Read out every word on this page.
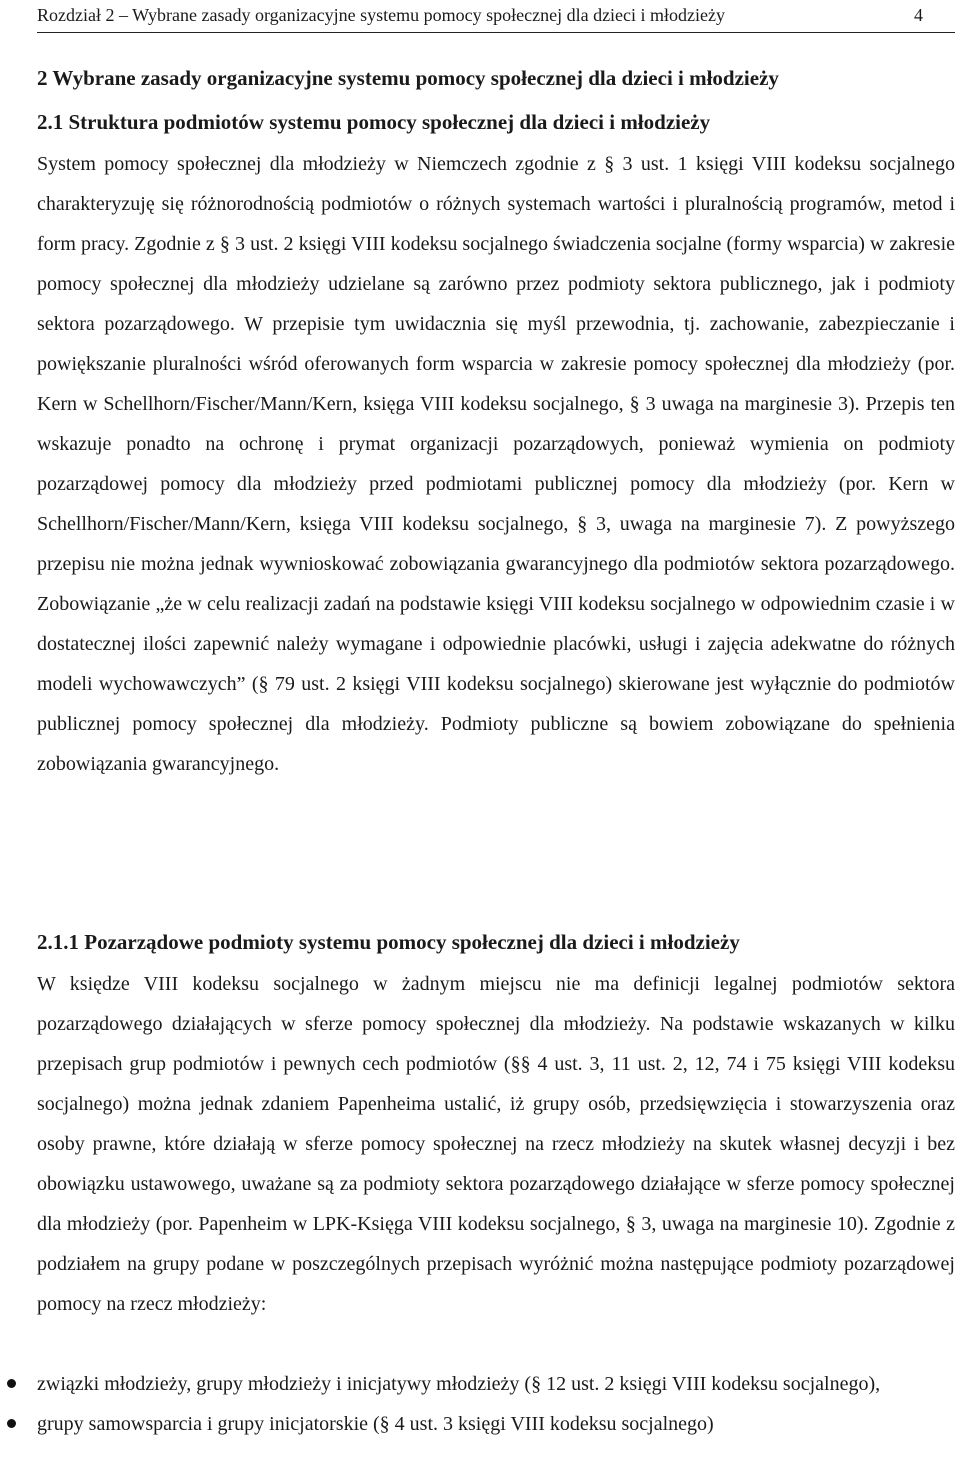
Rozdział 2 – Wybrane zasady organizacyjne systemu pomocy społecznej dla dzieci i młodzieży	4
2 Wybrane zasady organizacyjne systemu pomocy społecznej dla dzieci i młodzieży
2.1 Struktura podmiotów systemu pomocy społecznej dla dzieci i młodzieży

System pomocy społecznej dla młodzieży w Niemczech zgodnie z § 3 ust. 1 księgi VIII kodeksu socjalnego charakteryzuję się różnorodnością podmiotów o różnych systemach wartości i pluralnością programów, metod i form pracy. Zgodnie z § 3 ust. 2 księgi VIII kodeksu socjalnego świadczenia socjalne (formy wsparcia) w zakresie pomocy społecznej dla młodzieży udzielane są zarówno przez podmioty sektora publicznego, jak i podmioty sektora pozarządowego. W przepisie tym uwidacznia się myśl przewodnia, tj. zachowanie, zabezpieczanie i powiększanie pluralności wśród oferowanych form wsparcia w zakresie pomocy społecznej dla młodzieży (por. Kern w Schellhorn/Fischer/Mann/Kern, księga VIII kodeksu socjalnego, § 3 uwaga na marginesie 3). Przepis ten wskazuje ponadto na ochronę i prymat organizacji pozarządowych, ponieważ wymienia on podmioty pozarządowej pomocy dla młodzieży przed podmiotami publicznej pomocy dla młodzieży (por. Kern w Schellhorn/Fischer/Mann/Kern, księga VIII kodeksu socjalnego, § 3, uwaga na marginesie 7). Z powyższego przepisu nie można jednak wywnioskować zobowiązania gwarancyjnego dla podmiotów sektora pozarządowego. Zobowiązanie „że w celu realizacji zadań na podstawie księgi VIII kodeksu socjalnego w odpowiednim czasie i w dostatecznej ilości zapewnić należy wymagane i odpowiednie placówki, usługi i zajęcia adekwatne do różnych modeli wychowawczych” (§ 79 ust. 2 księgi VIII kodeksu socjalnego) skierowane jest wyłącznie do podmiotów publicznej pomocy społecznej dla młodzieży. Podmioty publiczne są bowiem zobowiązane do spełnienia zobowiązania gwarancyjnego.

2.1.1 Pozarządowe podmioty systemu pomocy społecznej dla dzieci i młodzieży

W księdze VIII kodeksu socjalnego w żadnym miejscu nie ma definicji legalnej podmiotów sektora pozarządowego działających w sferze pomocy społecznej dla młodzieży. Na podstawie wskazanych w kilku przepisach grup podmiotów i pewnych cech podmiotów (§§ 4 ust. 3, 11 ust. 2, 12, 74 i 75 księgi VIII kodeksu socjalnego) można jednak zdaniem Papenheima ustalić, iż grupy osób, przedsięwzięcia i stowarzyszenia oraz osoby prawne, które działają w sferze pomocy społecznej na rzecz młodzieży na skutek własnej decyzji i bez obowiązku ustawowego, uważane są za podmioty sektora pozarządowego działające w sferze pomocy społecznej dla młodzieży (por. Papenheim w LPK-Księga VIII kodeksu socjalnego, § 3, uwaga na marginesie 10). Zgodnie z podziałem na grupy podane w poszczególnych przepisach wyróżnić można następujące podmioty pozarządowej pomocy na rzecz młodzieży:

związki młodzieży, grupy młodzieży i inicjatywy młodzieży (§ 12 ust. 2 księgi VIII kodeksu socjalnego),
grupy samowsparcia i grupy inicjatorskie (§ 4 ust. 3 księgi VIII kodeksu socjalnego)
